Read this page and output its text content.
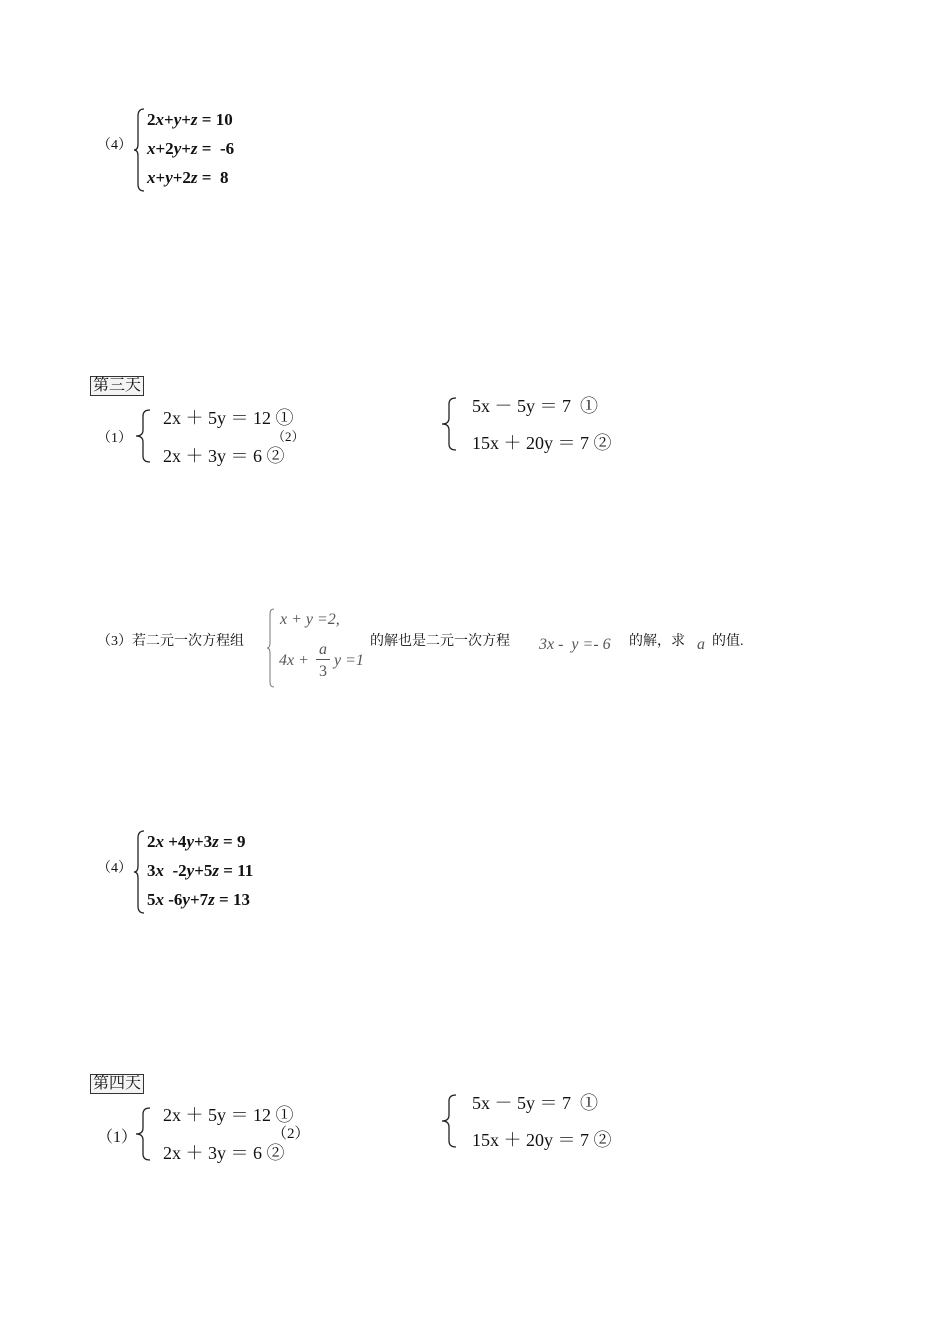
（4）
2x+y+z = 10
x+2y+z =  -6
x+y+2z =  8
第三天
（1）
2x ＋ 5y ＝ 12 ①
（2）
2x ＋ 3y ＝ 6 ②
5x － 5y ＝ 7 ①
15x ＋ 20y ＝ 7 ②
（3）若二元一次方程组
x + y =2,
4x +
a
3
y =1
的解也是二元一次方程 3x -  y =- 6 的解，求 a 的值.
（4）
2x +4y+3z = 9
3x  -2y+5z = 11
5x -6y+7z = 13
第四天
（1）
2x ＋ 5y ＝ 12 ①
（2）
2x ＋ 3y ＝ 6 ②
5x － 5y ＝ 7 ①
15x ＋ 20y ＝ 7 ②
